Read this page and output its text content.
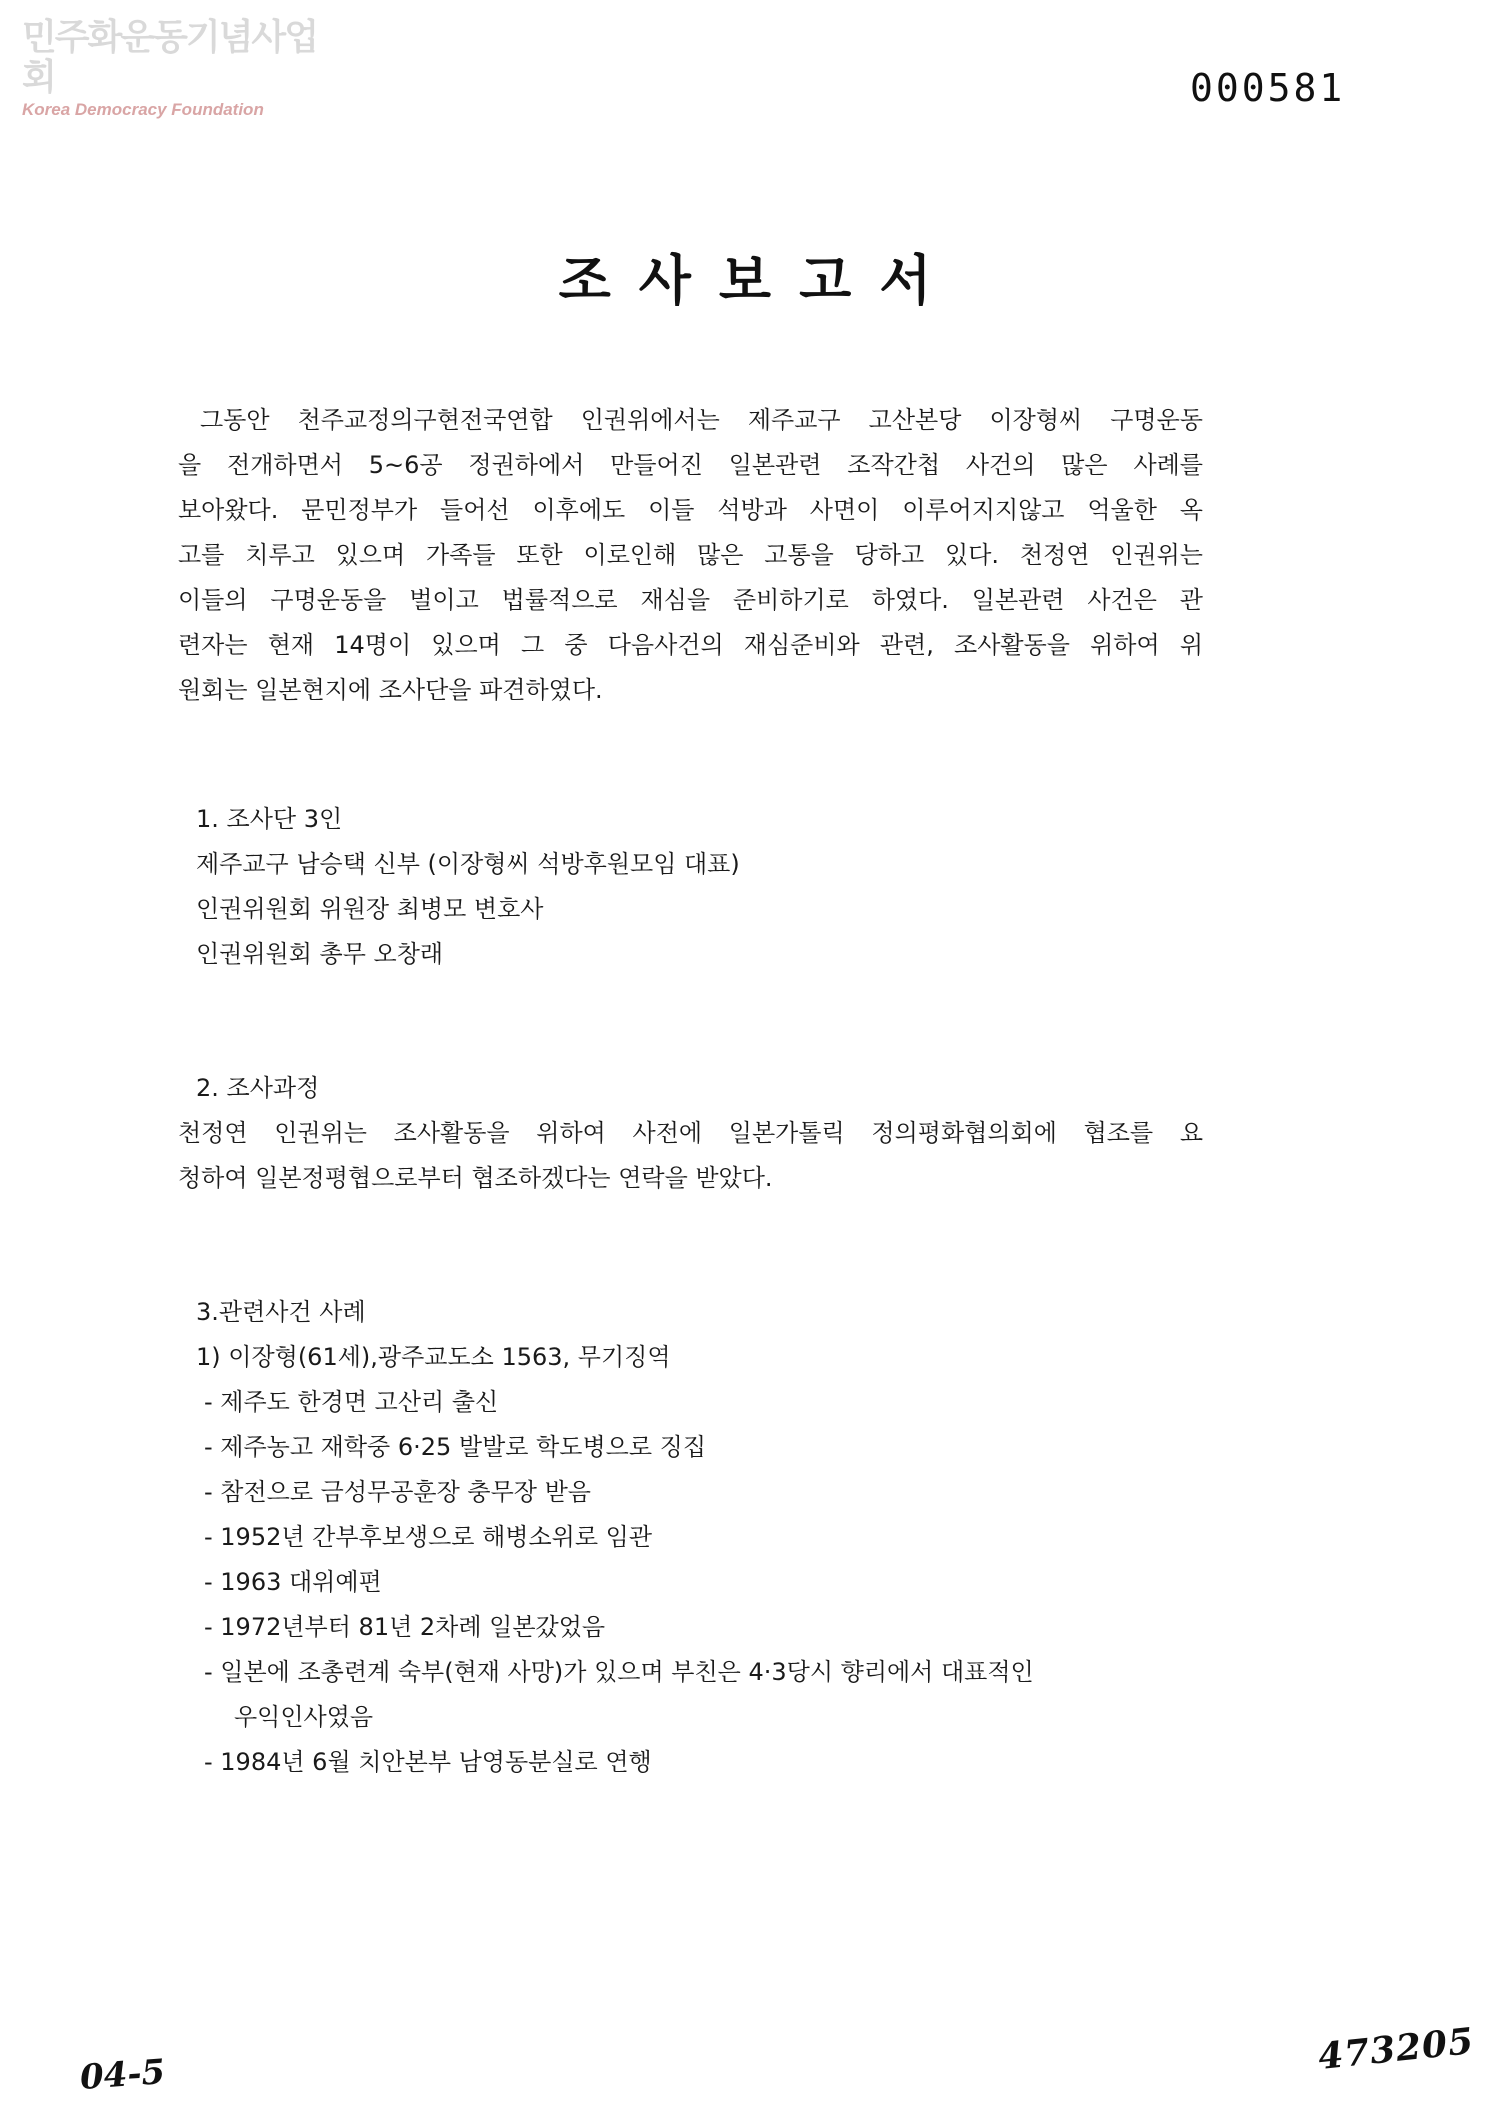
민주화운동기념사업회
Korea Democracy Foundation	000581
조사보고서
그동안 천주교정의구현전국연합 인권위에서는 제주교구 고산본당 이장형씨 구명운동
을 전개하면서 5~6공 정권하에서 만들어진 일본관련 조작간첩 사건의 많은 사례를
보아왔다. 문민정부가 들어선 이후에도 이들 석방과 사면이 이루어지지않고 억울한 옥
고를 치루고 있으며 가족들 또한 이로인해 많은 고통을 당하고 있다. 천정연 인권위는
이들의 구명운동을 벌이고 법률적으로 재심을 준비하기로 하였다. 일본관련 사건은 관
련자는 현재 14명이 있으며 그 중 다음사건의 재심준비와 관련, 조사활동을 위하여 위
원회는 일본현지에 조사단을 파견하였다.
1. 조사단 3인
제주교구 남승택 신부 (이장형씨 석방후원모임 대표)
인권위원회 위원장 최병모 변호사
인권위원회 총무 오창래
2. 조사과정
천정연 인권위는 조사활동을 위하여 사전에 일본가톨릭 정의평화협의회에 협조를 요
청하여 일본정평협으로부터 협조하겠다는 연락을 받았다.
3.관련사건 사례
1) 이장형(61세),광주교도소 1563, 무기징역
- 제주도 한경면 고산리 출신
- 제주농고 재학중 6·25 발발로 학도병으로 징집
- 참전으로 금성무공훈장 충무장 받음
- 1952년 간부후보생으로 해병소위로 임관
- 1963 대위예편
- 1972년부터 81년 2차례 일본갔었음
- 일본에 조총련계 숙부(현재 사망)가 있으며 부친은 4·3당시 향리에서 대표적인
우익인사였음
- 1984년 6월 치안본부 남영동분실로 연행
04-5	473205
